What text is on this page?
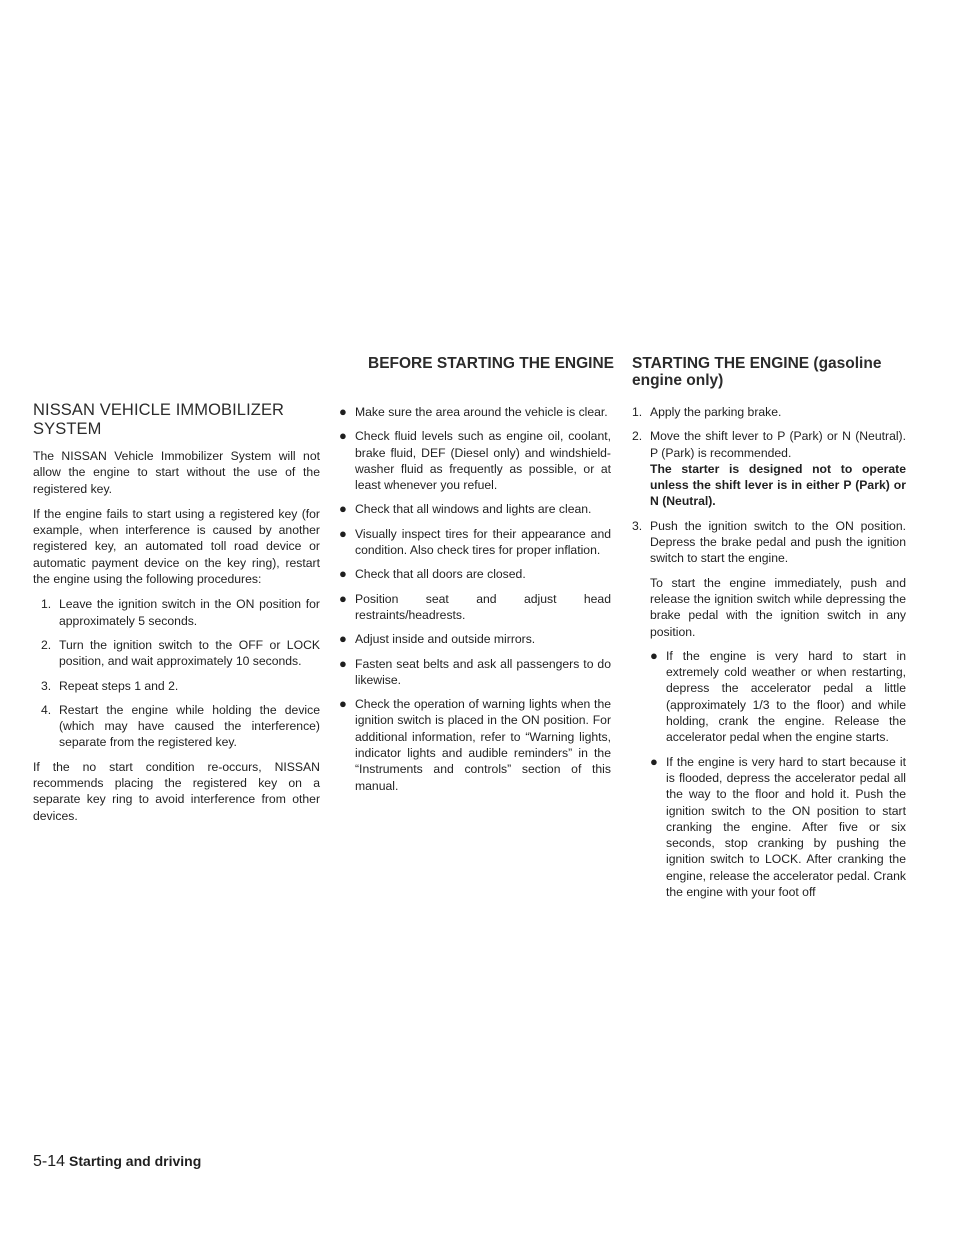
BEFORE STARTING THE ENGINE STARTING THE ENGINE (gasoline engine only)
NISSAN VEHICLE IMMOBILIZER SYSTEM

The NISSAN Vehicle Immobilizer System will not allow the engine to start without the use of the registered key.

If the engine fails to start using a registered key (for example, when interference is caused by another registered key, an automated toll road device or automatic payment device on the key ring), restart the engine using the following procedures:

1. Leave the ignition switch in the ON position for approximately 5 seconds.
2. Turn the ignition switch to the OFF or LOCK position, and wait approximately 10 seconds.
3. Repeat steps 1 and 2.
4. Restart the engine while holding the device (which may have caused the interference) separate from the registered key.

If the no start condition re-occurs, NISSAN recommends placing the registered key on a separate key ring to avoid interference from other devices.

● Make sure the area around the vehicle is clear.
● Check fluid levels such as engine oil, coolant, brake fluid, DEF (Diesel only) and windshield-washer fluid as frequently as possible, or at least whenever you refuel.
● Check that all windows and lights are clean.
● Visually inspect tires for their appearance and condition. Also check tires for proper inflation.
● Check that all doors are closed.
● Position seat and adjust head restraints/headrests.
● Adjust inside and outside mirrors.
● Fasten seat belts and ask all passengers to do likewise.
● Check the operation of warning lights when the ignition switch is placed in the ON position. For additional information, refer to “Warning lights, indicator lights and audible reminders” in the “Instruments and controls” section of this manual.
1. Apply the parking brake.
2. Move the shift lever to P (Park) or N (Neutral). P (Park) is recommended.
The starter is designed not to operate unless the shift lever is in either P (Park) or N (Neutral).
3. Push the ignition switch to the ON position. Depress the brake pedal and push the ignition switch to start the engine.
To start the engine immediately, push and release the ignition switch while depressing the brake pedal with the ignition switch in any position.
● If the engine is very hard to start in extremely cold weather or when restarting, depress the accelerator pedal a little (approximately 1/3 to the floor) and while holding, crank the engine. Release the accelerator pedal when the engine starts.
● If the engine is very hard to start because it is flooded, depress the accelerator pedal all the way to the floor and hold it. Push the ignition switch to the ON position to start cranking the engine. After five or six seconds, stop cranking by pushing the ignition switch to LOCK. After cranking the engine, release the accelerator pedal. Crank the engine with your foot off
5-14 Starting and driving
